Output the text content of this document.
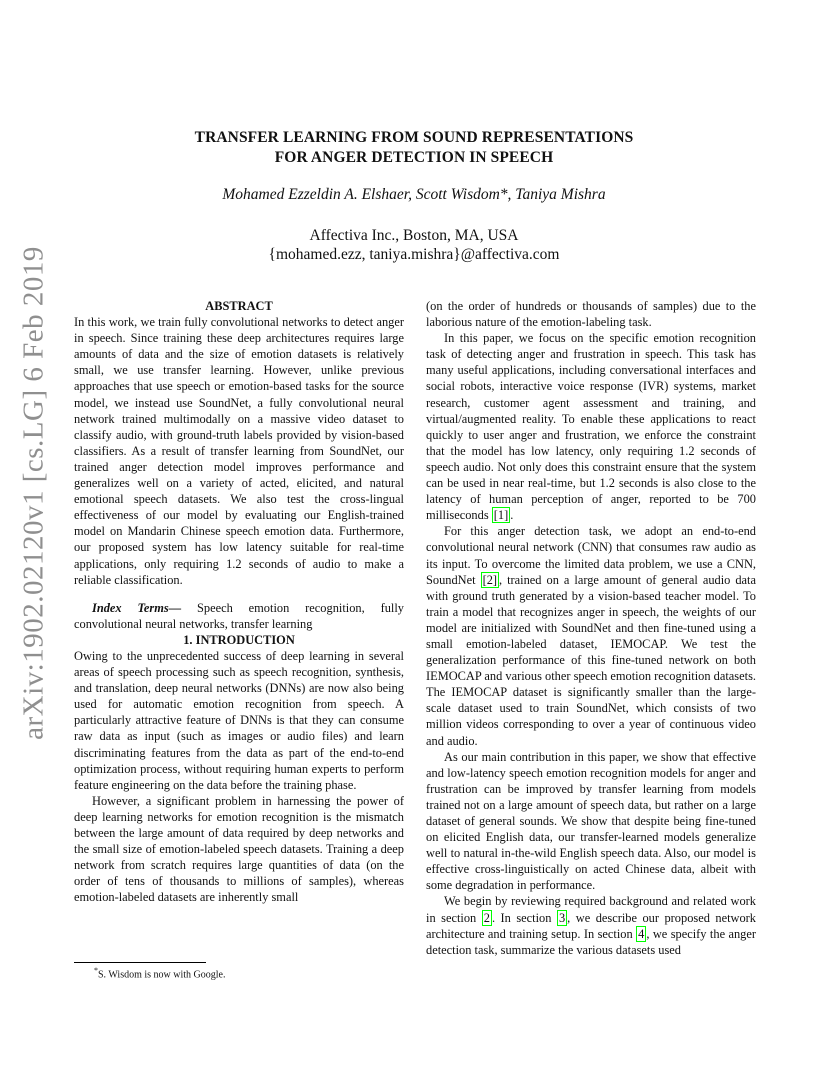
TRANSFER LEARNING FROM SOUND REPRESENTATIONS
FOR ANGER DETECTION IN SPEECH
Mohamed Ezzeldin A. Elshaer, Scott Wisdom*, Taniya Mishra
Affectiva Inc., Boston, MA, USA
{mohamed.ezz, taniya.mishra}@affectiva.com
arXiv:1902.02120v1 [cs.LG] 6 Feb 2019	ABSTRACT

In this work, we train fully convolutional networks to detect anger in speech. Since training these deep architectures requires large amounts of data and the size of emotion datasets is relatively small, we use transfer learning. However, unlike previous approaches that use speech or emotion-based tasks for the source model, we instead use SoundNet, a fully convolutional neural network trained multimodally on a massive video dataset to classify audio, with ground-truth labels provided by vision-based classifiers. As a result of transfer learning from SoundNet, our trained anger detection model improves performance and generalizes well on a variety of acted, elicited, and natural emotional speech datasets. We also test the cross-lingual effectiveness of our model by evaluating our English-trained model on Mandarin Chinese speech emotion data. Furthermore, our proposed system has low latency suitable for real-time applications, only requiring 1.2 seconds of audio to make a reliable classification.

Index Terms— Speech emotion recognition, fully convolutional neural networks, transfer learning

1. INTRODUCTION

Owing to the unprecedented success of deep learning in several areas of speech processing such as speech recognition, synthesis, and translation, deep neural networks (DNNs) are now also being used for automatic emotion recognition from speech. A particularly attractive feature of DNNs is that they can consume raw data as input (such as images or audio files) and learn discriminating features from the data as part of the end-to-end optimization process, without requiring human experts to perform feature engineering on the data before the training phase.

However, a significant problem in harnessing the power of deep learning networks for emotion recognition is the mismatch between the large amount of data required by deep networks and the small size of emotion-labeled speech datasets. Training a deep network from scratch requires large quantities of data (on the order of tens of thousands to millions of samples), whereas emotion-labeled datasets are inherently small

(on the order of hundreds or thousands of samples) due to the laborious nature of the emotion-labeling task.

In this paper, we focus on the specific emotion recognition task of detecting anger and frustration in speech. This task has many useful applications, including conversational interfaces and social robots, interactive voice response (IVR) systems, market research, customer agent assessment and training, and virtual/augmented reality. To enable these applications to react quickly to user anger and frustration, we enforce the constraint that the model has low latency, only requiring 1.2 seconds of speech audio. Not only does this constraint ensure that the system can be used in near real-time, but 1.2 seconds is also close to the latency of human perception of anger, reported to be 700 milliseconds [1] .

For this anger detection task, we adopt an end-to-end convolutional neural network (CNN) that consumes raw audio as its input. To overcome the limited data problem, we use a CNN, SoundNet [2] , trained on a large amount of general audio data with ground truth generated by a vision-based teacher model. To train a model that recognizes anger in speech, the weights of our model are initialized with SoundNet and then fine-tuned using a small emotion-labeled dataset, IEMOCAP. We test the generalization performance of this fine-tuned network on both IEMOCAP and various other speech emotion recognition datasets. The IEMOCAP dataset is significantly smaller than the large-scale dataset used to train SoundNet, which consists of two million videos corresponding to over a year of continuous video and audio.

As our main contribution in this paper, we show that effective and low-latency speech emotion recognition models for anger and frustration can be improved by transfer learning from models trained not on a large amount of speech data, but rather on a large dataset of general sounds. We show that despite being fine-tuned on elicited English data, our transfer-learned models generalize well to natural in-the-wild English speech data. Also, our model is effective cross-linguistically on acted Chinese data, albeit with some degradation in performance.

We begin by reviewing required background and related work in section 2 . In section 3 , we describe our proposed network architecture and training setup. In section 4 , we specify the anger detection task, summarize the various datasets used

*S. Wisdom is now with Google.
